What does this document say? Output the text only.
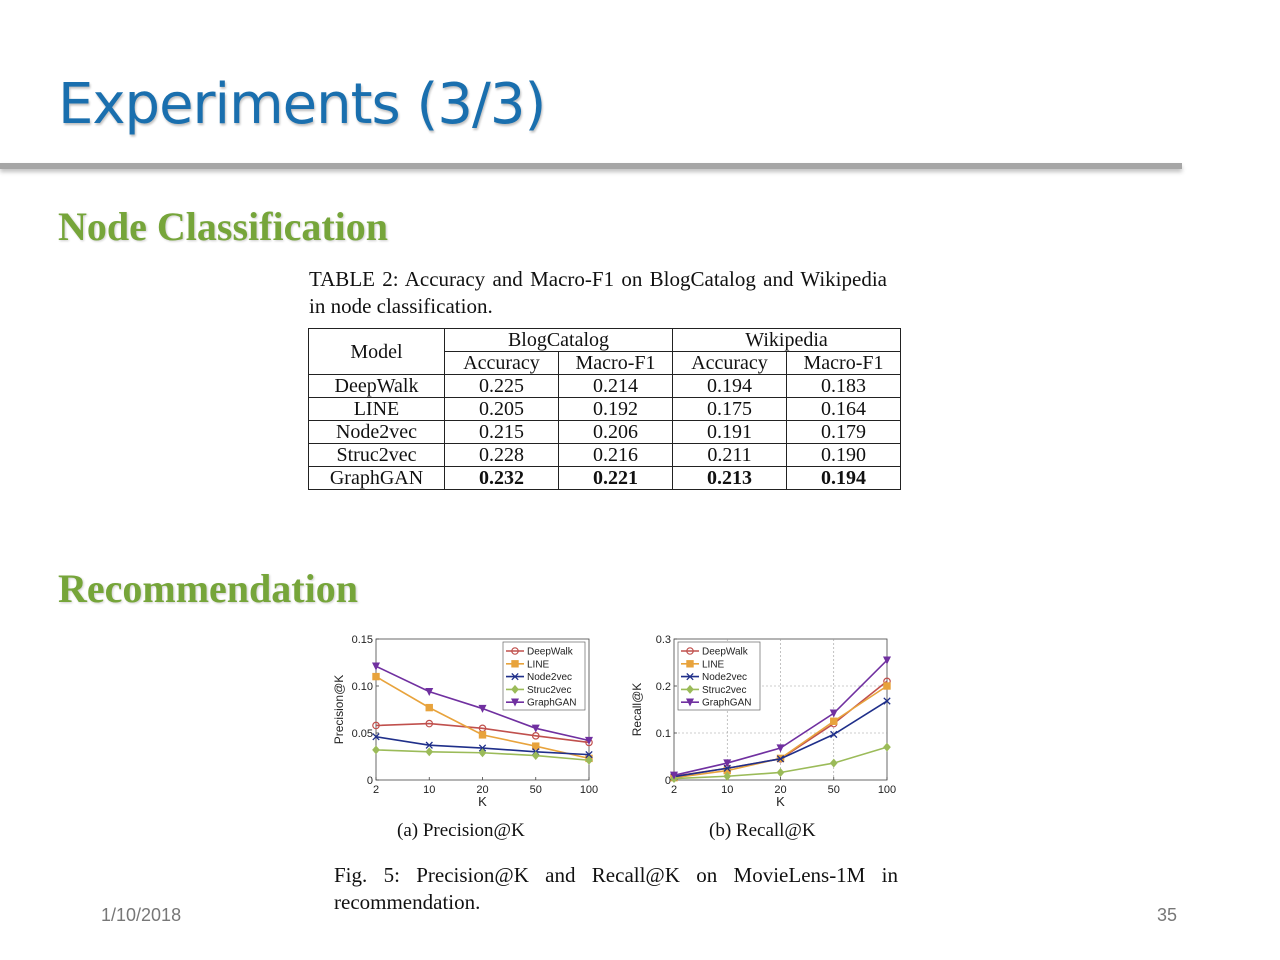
Experiments (3/3)
Node Classification
TABLE 2: Accuracy and Macro-F1 on BlogCatalog and Wikipedia in node classification.
Model	BlogCatalog		Wikipedia	
	Accuracy	Macro-F1	Accuracy	Macro-F1
DeepWalk	0.225	0.214	0.194	0.183
LINE	0.205	0.192	0.175	0.164
Node2vec	0.215	0.206	0.191	0.179
Struc2vec	0.228	0.216	0.211	0.190
GraphGAN	0.232	0.221	0.213	0.194
Recommendation
0
0.05
0.10
0.15
2	10	20	50	100
K
Precision@K
DeepWalk
LINE
Node2vec
Struc2vec
GraphGAN
0
0.1
0.2
0.3
2	10	20	50	100
K
Recall@K
DeepWalk
LINE
Node2vec
Struc2vec
GraphGAN
(a) Precision@K	(b) Recall@K
Fig. 5: Precision@K and Recall@K on MovieLens-1M in recommendation.
1/10/2018	35
